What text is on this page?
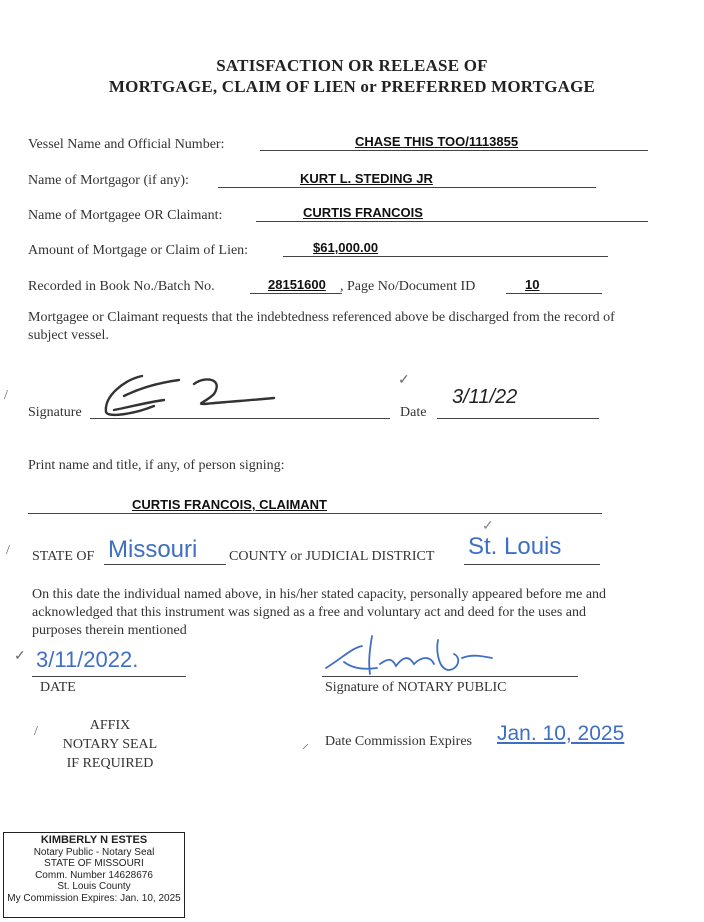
SATISFACTION OR RELEASE OF
MORTGAGE, CLAIM OF LIEN or PREFERRED MORTGAGE
Vessel Name and Official Number:	CHASE THIS TOO/1113855
Name of Mortgagor (if any):	KURT L. STEDING JR
Name of Mortgagee OR Claimant:	CURTIS FRANCOIS
Amount of Mortgage or Claim of Lien:	$61,000.00
Recorded in Book No./Batch No.	28151600 , Page No/Document ID	10
Mortgagee or Claimant requests that the indebtedness referenced above be discharged from the record of
subject vessel.
/
Signature
✓
Date
3/11/22
Print name and title, if any, of person signing:
CURTIS FRANCOIS, CLAIMANT
/ STATE OF Missouri COUNTY or JUDICIAL DISTRICT St. Louis
✓
On this date the individual named above, in his/her stated capacity, personally appeared before me and
acknowledged that this instrument was signed as a free and voluntary act and deed for the uses and
purposes therein mentioned
✓ 3/11/2022.
DATE	Signature of NOTARY PUBLIC
/	AFFIX
NOTARY SEAL
IF REQUIRED
⸝ Date Commission Expires Jan. 10, 2025
KIMBERLY N ESTES
Notary Public - Notary Seal
STATE OF MISSOURI
Comm. Number 14628676
St. Louis County
My Commission Expires: Jan. 10, 2025
